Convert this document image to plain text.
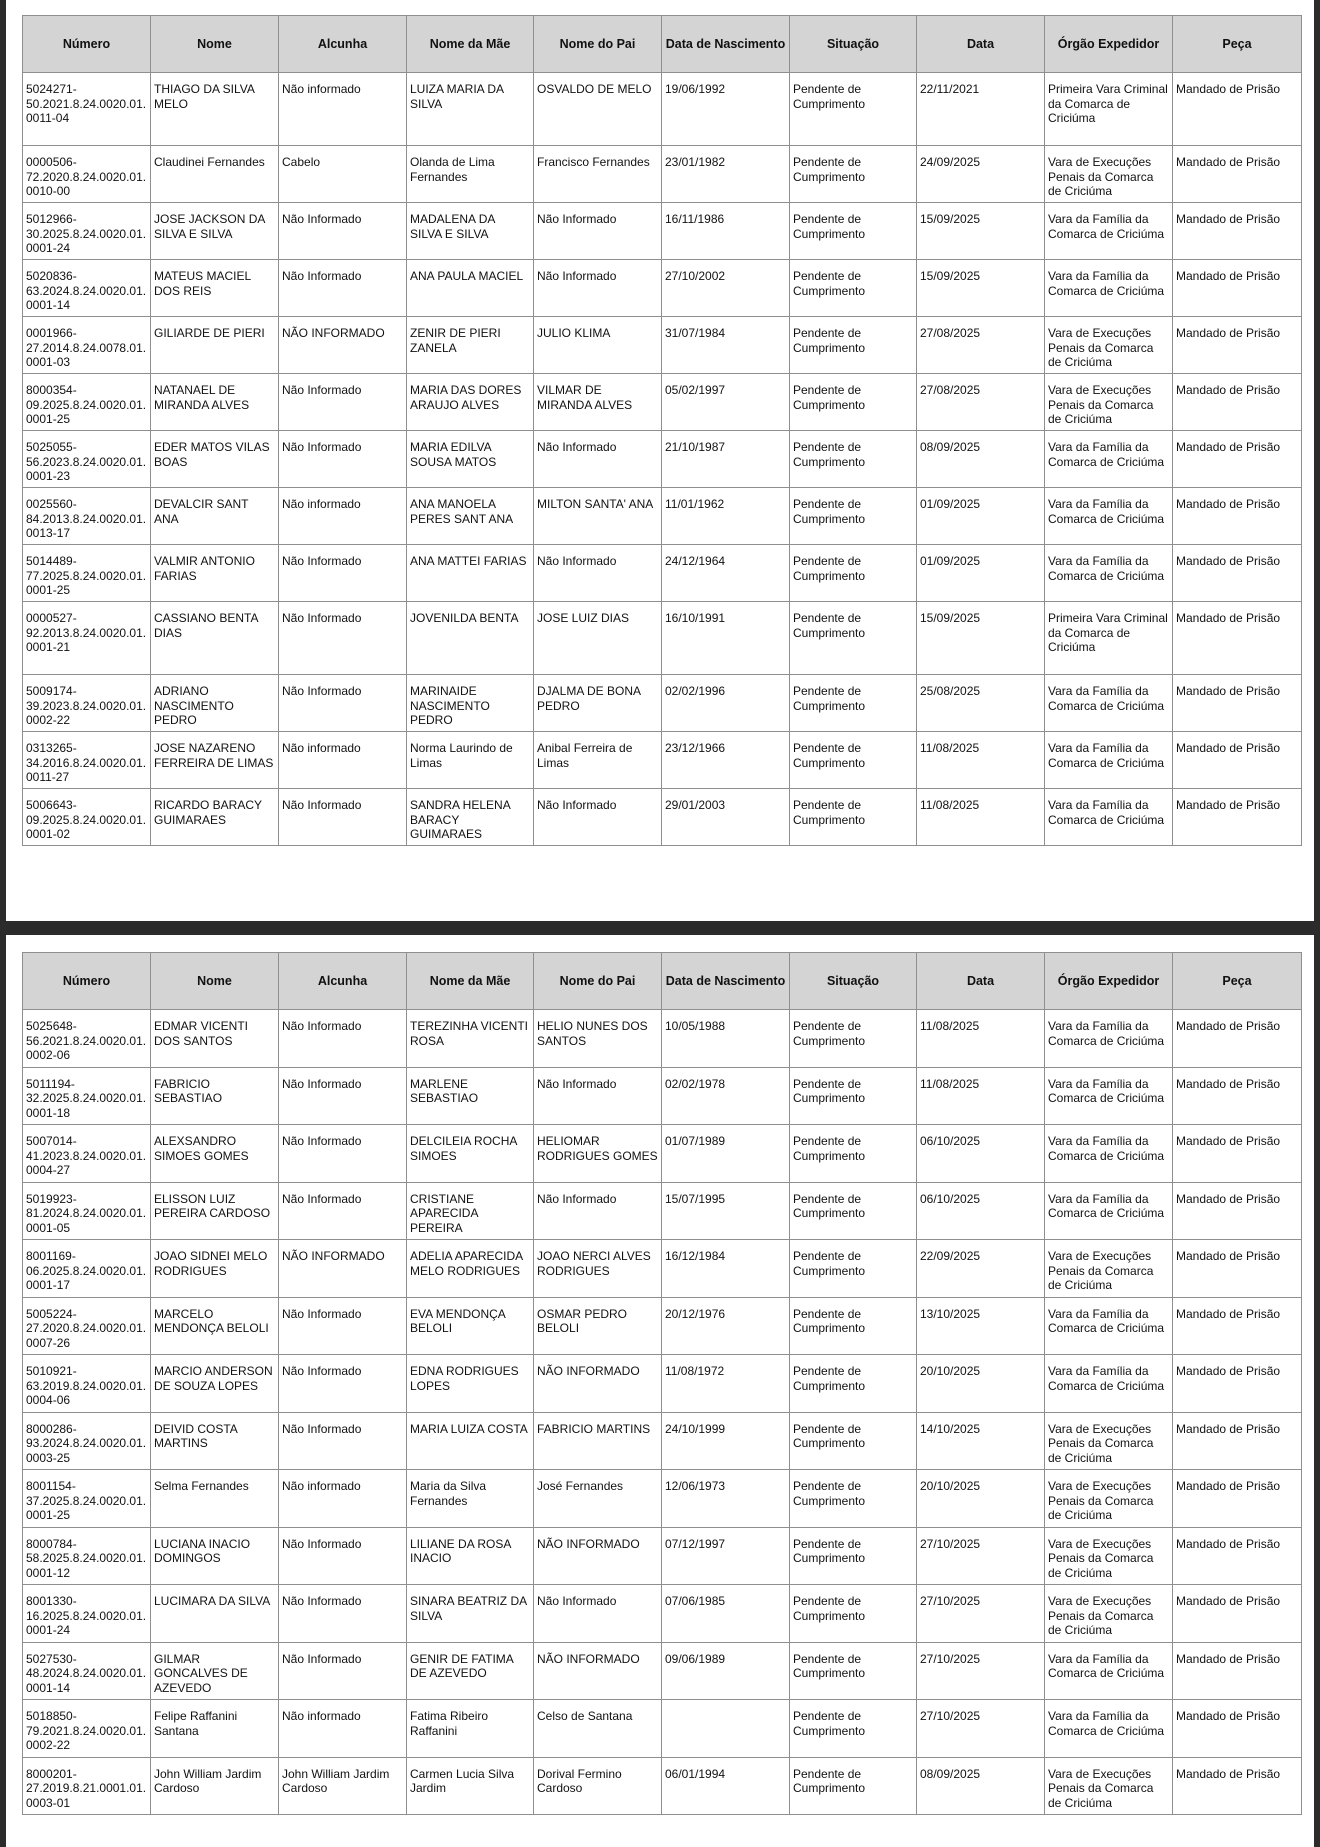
Número	Nome	Alcunha	Nome da Mãe	Nome do Pai	Data de Nascimento	Situação	Data	Órgão Expedidor	Peça
5024271-50.2021.8.24.0020.01.0011-04	THIAGO DA SILVA MELO	Não informado	LUIZA MARIA DA SILVA	OSVALDO DE MELO	19/06/1992	Pendente de Cumprimento	22/11/2021	Primeira Vara Criminal da Comarca de Criciúma	Mandado de Prisão
0000506-72.2020.8.24.0020.01.0010-00	Claudinei Fernandes	Cabelo	Olanda de Lima Fernandes	Francisco Fernandes	23/01/1982	Pendente de Cumprimento	24/09/2025	Vara de Execuções Penais da Comarca de Criciúma	Mandado de Prisão
5012966-30.2025.8.24.0020.01.0001-24	JOSE JACKSON DA SILVA E SILVA	Não Informado	MADALENA DA SILVA E SILVA	Não Informado	16/11/1986	Pendente de Cumprimento	15/09/2025	Vara da Família da Comarca de Criciúma	Mandado de Prisão
5020836-63.2024.8.24.0020.01.0001-14	MATEUS MACIEL DOS REIS	Não Informado	ANA PAULA MACIEL	Não Informado	27/10/2002	Pendente de Cumprimento	15/09/2025	Vara da Família da Comarca de Criciúma	Mandado de Prisão
0001966-27.2014.8.24.0078.01.0001-03	GILIARDE DE PIERI	NÃO INFORMADO	ZENIR DE PIERI ZANELA	JULIO KLIMA	31/07/1984	Pendente de Cumprimento	27/08/2025	Vara de Execuções Penais da Comarca de Criciúma	Mandado de Prisão
8000354-09.2025.8.24.0020.01.0001-25	NATANAEL DE MIRANDA ALVES	Não Informado	MARIA DAS DORES ARAUJO ALVES	VILMAR DE MIRANDA ALVES	05/02/1997	Pendente de Cumprimento	27/08/2025	Vara de Execuções Penais da Comarca de Criciúma	Mandado de Prisão
5025055-56.2023.8.24.0020.01.0001-23	EDER MATOS VILAS BOAS	Não Informado	MARIA EDILVA SOUSA MATOS	Não Informado	21/10/1987	Pendente de Cumprimento	08/09/2025	Vara da Família da Comarca de Criciúma	Mandado de Prisão
0025560-84.2013.8.24.0020.01.0013-17	DEVALCIR SANT ANA	Não informado	ANA MANOELA PERES SANT ANA	MILTON SANTA' ANA	11/01/1962	Pendente de Cumprimento	01/09/2025	Vara da Família da Comarca de Criciúma	Mandado de Prisão
5014489-77.2025.8.24.0020.01.0001-25	VALMIR ANTONIO FARIAS	Não Informado	ANA MATTEI FARIAS	Não Informado	24/12/1964	Pendente de Cumprimento	01/09/2025	Vara da Família da Comarca de Criciúma	Mandado de Prisão
0000527-92.2013.8.24.0020.01.0001-21	CASSIANO BENTA DIAS	Não Informado	JOVENILDA BENTA	JOSE LUIZ DIAS	16/10/1991	Pendente de Cumprimento	15/09/2025	Primeira Vara Criminal da Comarca de Criciúma	Mandado de Prisão
5009174-39.2023.8.24.0020.01.0002-22	ADRIANO NASCIMENTO PEDRO	Não Informado	MARINAIDE NASCIMENTO PEDRO	DJALMA DE BONA PEDRO	02/02/1996	Pendente de Cumprimento	25/08/2025	Vara da Família da Comarca de Criciúma	Mandado de Prisão
0313265-34.2016.8.24.0020.01.0011-27	JOSE NAZARENO FERREIRA DE LIMAS	Não informado	Norma Laurindo de Limas	Anibal Ferreira de Limas	23/12/1966	Pendente de Cumprimento	11/08/2025	Vara da Família da Comarca de Criciúma	Mandado de Prisão
5006643-09.2025.8.24.0020.01.0001-02	RICARDO BARACY GUIMARAES	Não Informado	SANDRA HELENA BARACY GUIMARAES	Não Informado	29/01/2003	Pendente de Cumprimento	11/08/2025	Vara da Família da Comarca de Criciúma	Mandado de Prisão
Número	Nome	Alcunha	Nome da Mãe	Nome do Pai	Data de Nascimento	Situação	Data	Órgão Expedidor	Peça
5025648-56.2021.8.24.0020.01.0002-06	EDMAR VICENTI DOS SANTOS	Não Informado	TEREZINHA VICENTI ROSA	HELIO NUNES DOS SANTOS	10/05/1988	Pendente de Cumprimento	11/08/2025	Vara da Família da Comarca de Criciúma	Mandado de Prisão
5011194-32.2025.8.24.0020.01.0001-18	FABRICIO SEBASTIAO	Não Informado	MARLENE SEBASTIAO	Não Informado	02/02/1978	Pendente de Cumprimento	11/08/2025	Vara da Família da Comarca de Criciúma	Mandado de Prisão
5007014-41.2023.8.24.0020.01.0004-27	ALEXSANDRO SIMOES GOMES	Não Informado	DELCILEIA ROCHA SIMOES	HELIOMAR RODRIGUES GOMES	01/07/1989	Pendente de Cumprimento	06/10/2025	Vara da Família da Comarca de Criciúma	Mandado de Prisão
5019923-81.2024.8.24.0020.01.0001-05	ELISSON LUIZ PEREIRA CARDOSO	Não Informado	CRISTIANE APARECIDA PEREIRA	Não Informado	15/07/1995	Pendente de Cumprimento	06/10/2025	Vara da Família da Comarca de Criciúma	Mandado de Prisão
8001169-06.2025.8.24.0020.01.0001-17	JOAO SIDNEI MELO RODRIGUES	NÃO INFORMADO	ADELIA APARECIDA MELO RODRIGUES	JOAO NERCI ALVES RODRIGUES	16/12/1984	Pendente de Cumprimento	22/09/2025	Vara de Execuções Penais da Comarca de Criciúma	Mandado de Prisão
5005224-27.2020.8.24.0020.01.0007-26	MARCELO MENDONÇA BELOLI	Não Informado	EVA MENDONÇA BELOLI	OSMAR PEDRO BELOLI	20/12/1976	Pendente de Cumprimento	13/10/2025	Vara da Família da Comarca de Criciúma	Mandado de Prisão
5010921-63.2019.8.24.0020.01.0004-06	MARCIO ANDERSON DE SOUZA LOPES	Não Informado	EDNA RODRIGUES LOPES	NÃO INFORMADO	11/08/1972	Pendente de Cumprimento	20/10/2025	Vara da Família da Comarca de Criciúma	Mandado de Prisão
8000286-93.2024.8.24.0020.01.0003-25	DEIVID COSTA MARTINS	Não Informado	MARIA LUIZA COSTA	FABRICIO MARTINS	24/10/1999	Pendente de Cumprimento	14/10/2025	Vara de Execuções Penais da Comarca de Criciúma	Mandado de Prisão
8001154-37.2025.8.24.0020.01.0001-25	Selma Fernandes	Não informado	Maria da Silva Fernandes	José Fernandes	12/06/1973	Pendente de Cumprimento	20/10/2025	Vara de Execuções Penais da Comarca de Criciúma	Mandado de Prisão
8000784-58.2025.8.24.0020.01.0001-12	LUCIANA INACIO DOMINGOS	Não Informado	LILIANE DA ROSA INACIO	NÃO INFORMADO	07/12/1997	Pendente de Cumprimento	27/10/2025	Vara de Execuções Penais da Comarca de Criciúma	Mandado de Prisão
8001330-16.2025.8.24.0020.01.0001-24	LUCIMARA DA SILVA	Não Informado	SINARA BEATRIZ DA SILVA	Não Informado	07/06/1985	Pendente de Cumprimento	27/10/2025	Vara de Execuções Penais da Comarca de Criciúma	Mandado de Prisão
5027530-48.2024.8.24.0020.01.0001-14	GILMAR GONCALVES DE AZEVEDO	Não Informado	GENIR DE FATIMA DE AZEVEDO	NÃO INFORMADO	09/06/1989	Pendente de Cumprimento	27/10/2025	Vara da Família da Comarca de Criciúma	Mandado de Prisão
5018850-79.2021.8.24.0020.01.0002-22	Felipe Raffanini Santana	Não informado	Fatima Ribeiro Raffanini	Celso de Santana		Pendente de Cumprimento	27/10/2025	Vara da Família da Comarca de Criciúma	Mandado de Prisão
8000201-27.2019.8.21.0001.01.0003-01	John William Jardim Cardoso	John William Jardim Cardoso	Carmen Lucia Silva Jardim	Dorival Fermino Cardoso	06/01/1994	Pendente de Cumprimento	08/09/2025	Vara de Execuções Penais da Comarca de Criciúma	Mandado de Prisão
